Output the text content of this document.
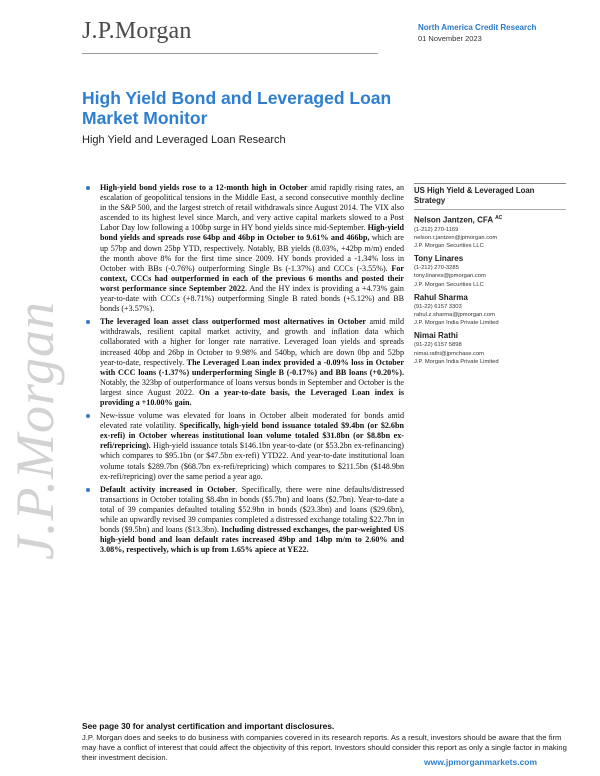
J.P.Morgan	North America Credit Research
01 November 2023
J.P.Morgan
High Yield Bond and Leveraged Loan Market Monitor
High Yield and Leveraged Loan Research
High-yield bond yields rose to a 12-month high in October amid rapidly rising rates, an escalation of geopolitical tensions in the Middle East, a second consecutive monthly decline in the S&P 500, and the largest stretch of retail withdrawals since August 2014. The VIX also ascended to its highest level since March, and very active capital markets slowed to a Post Labor Day low following a 100bp surge in HY bond yields since mid-September. High-yield bond yields and spreads rose 64bp and 46bp in October to 9.61% and 466bp, which are up 57bp and down 25bp YTD, respectively. Notably, BB yields (8.03%, +42bp m/m) ended the month above 8% for the first time since 2009. HY bonds provided a -1.34% loss in October with BBs (-0.76%) outperforming Single Bs (-1.37%) and CCCs (-3.55%). For context, CCCs had outperformed in each of the previous 6 months and posted their worst performance since September 2022. And the HY index is providing a +4.73% gain year-to-date with CCCs (+8.71%) outperforming Single B rated bonds (+5.12%) and BB bonds (+3.57%).
The leveraged loan asset class outperformed most alternatives in October amid mild withdrawals, resilient capital market activity, and growth and inflation data which collaborated with a higher for longer rate narrative. Leveraged loan yields and spreads increased 40bp and 26bp in October to 9.98% and 540bp, which are down 0bp and 52bp year-to-date, respectively. The Leveraged Loan index provided a -0.09% loss in October with CCC loans (-1.37%) underperforming Single B (-0.17%) and BB loans (+0.20%). Notably, the 323bp of outperformance of loans versus bonds in September and October is the largest since August 2022. On a year-to-date basis, the Leveraged Loan index is providing a +10.00% gain.
New-issue volume was elevated for loans in October albeit moderated for bonds amid elevated rate volatility. Specifically, high-yield bond issuance totaled $9.4bn (or $2.6bn ex-refi) in October whereas institutional loan volume totaled $31.8bn (or $8.8bn ex-refi/repricing). High-yield issuance totals $146.1bn year-to-date (or $53.2bn ex-refinancing) which compares to $95.1bn (or $47.5bn ex-refi) YTD22. And year-to-date institutional loan volume totals $289.7bn ($68.7bn ex-refi/repricing) which compares to $211.5bn ($148.9bn ex-refi/repricing) over the same period a year ago.
Default activity increased in October. Specifically, there were nine defaults/distressed transactions in October totaling $8.4bn in bonds ($5.7bn) and loans ($2.7bn). Year-to-date a total of 39 companies defaulted totaling $52.9bn in bonds ($23.3bn) and loans ($29.6bn), while an upwardly revised 39 companies completed a distressed exchange totaling $22.7bn in bonds ($9.5bn) and loans ($13.3bn). Including distressed exchanges, the par-weighted US high-yield bond and loan default rates increased 49bp and 14bp m/m to 2.60% and 3.08%, respectively, which is up from 1.65% apiece at YE22.
US High Yield & Leveraged Loan Strategy
Nelson Jantzen, CFA $^{AC}$
(1-212) 270-1169
nelson.r.jantzen@jpmorgan.com
J.P. Morgan Securities LLC
Tony Linares
(1-212) 270-3285
tony.linares@jpmorgan.com
J.P. Morgan Securities LLC
Rahul Sharma
(91-22) 6157 3303
rahul.z.sharma@jpmorgan.com
J.P. Morgan India Private Limited
Nimai Rathi
(91-22) 6157 5898
nimai.rathi@jpmchase.com
J.P. Morgan India Private Limited
See page 30 for analyst certification and important disclosures.
J.P. Morgan does and seeks to do business with companies covered in its research reports. As a result, investors should be aware that the firm may have a conflict of interest that could affect the objectivity of this report. Investors should consider this report as only a single factor in making their investment decision.	www.jpmorganmarkets.com
